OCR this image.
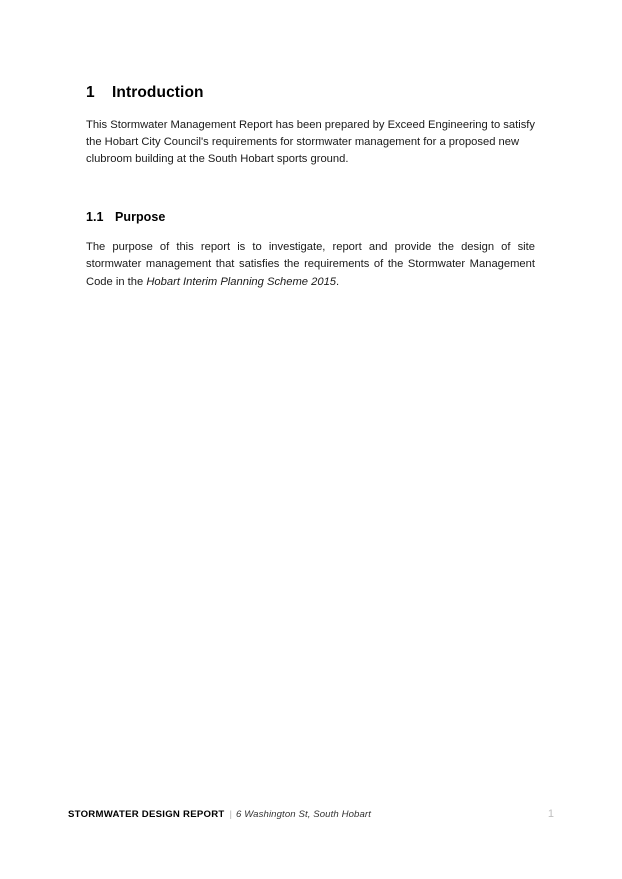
1	Introduction

This Stormwater Management Report has been prepared by Exceed Engineering to satisfy the Hobart City Council's requirements for stormwater management for a proposed new clubroom building at the South Hobart sports ground.

1.1 Purpose

The purpose of this report is to investigate, report and provide the design of site stormwater management that satisfies the requirements of the Stormwater Management Code in the Hobart Interim Planning Scheme 2015.

STORMWATER DESIGN REPORT | 6 Washington St, South Hobart	1
